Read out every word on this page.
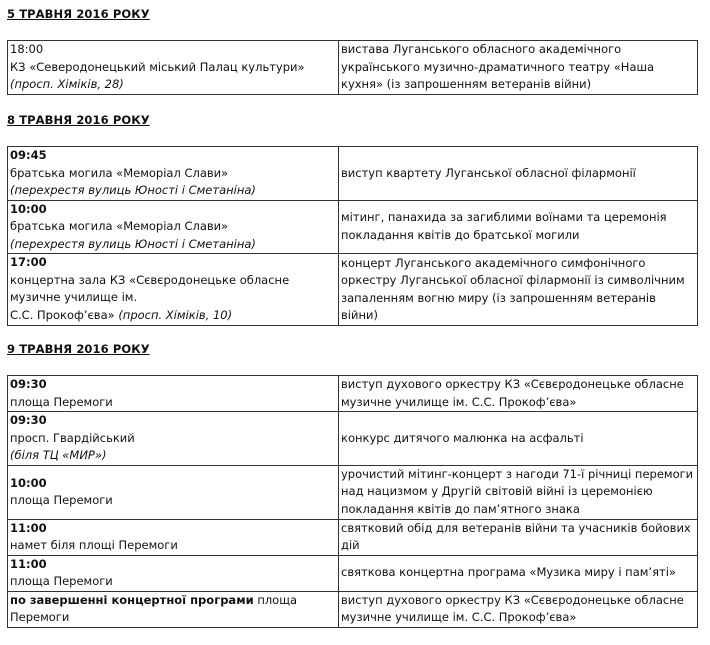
5 ТРАВНЯ 2016 РОКУ
18:00
КЗ «Северодонецький міський Палац культури»
(просп. Хіміків, 28)
	вистава Луганського обласного академічного українського музично-драматичного театру «Наша кухня» (із запрошенням ветеранів війни)
8 ТРАВНЯ 2016 РОКУ
09:45
братська могила «Меморіал Слави»
(перехрестя вулиць Юності і Сметаніна)	виступ квартету Луганської обласної філармонії

10:00
братська могила «Меморіал Слави»
(перехрестя вулиць Юності і Сметаніна)	мітинг, панахида за загиблими воїнами та церемонія покладання квітів до братської могили

17:00
концертна зала КЗ «Сєвєродонецьке обласне музичне училище ім.
С.С. Прокоф’єва» (просп. Хіміків, 10)	концерт Луганського академічного симфонічного оркестру Луганської обласної філармонії із символічним запаленням вогню миру (із запрошенням ветеранів війни)
9 ТРАВНЯ 2016 РОКУ
09:30
площа Перемоги	виступ духового оркестру КЗ «Сєвєродонецьке обласне музичне училище ім. С.С. Прокоф’єва»

09:30
просп. Гвардійський
(біля ТЦ «МИР»)	конкурс дитячого малюнка на асфальті

10:00
площа Перемоги	урочистий мітинг-концерт з нагоди 71-ї річниці перемоги над нацизмом у Другій світовій війні із церемонією покладання квітів до пам’ятного знака

11:00
намет біля площі Перемоги	святковий обід для ветеранів війни та учасників бойових дій

11:00
площа Перемоги	святкова концертна програма «Музика миру і пам’яті»
по завершенні концертної програми площа Перемоги	виступ духового оркестру КЗ «Сєвєродонецьке обласне музичне училище ім. С.С. Прокоф’єва»
